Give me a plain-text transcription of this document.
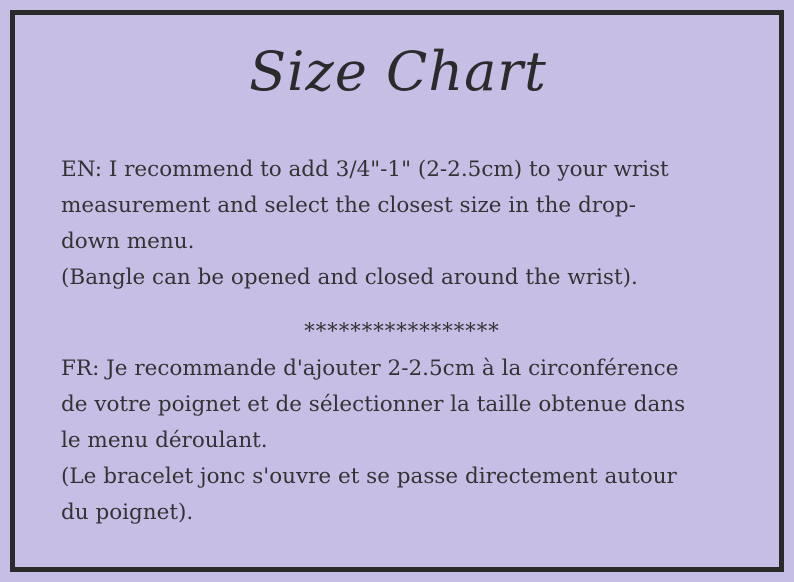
Size Chart

EN: I recommend to add 3/4"-1" (2-2.5cm) to your wrist
measurement and select the closest size in the drop-
down menu.
(Bangle can be opened and closed around the wrist).

*****************

FR: Je recommande d'ajouter 2-2.5cm à la circonférence
de votre poignet et de sélectionner la taille obtenue dans
le menu déroulant.
(Le bracelet jonc s'ouvre et se passe directement autour
du poignet).
